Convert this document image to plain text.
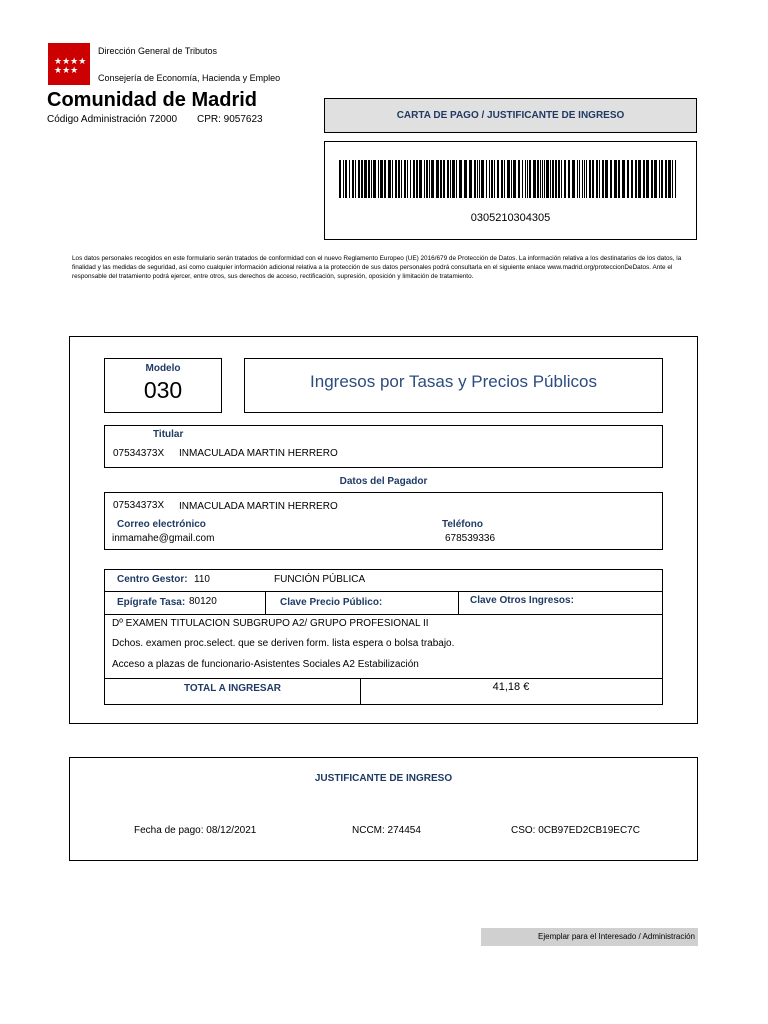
★★★★
★★★
Dirección General de Tributos
Consejería de Economía, Hacienda y Empleo
Comunidad de Madrid
Código Administración 72000 CPR: 9057623	CARTA DE PAGO / JUSTIFICANTE DE INGRESO
0305210304305
Los datos personales recogidos en este formulario serán tratados de conformidad con el nuevo Reglamento Europeo (UE) 2016/679 de Protección de Datos. La información relativa a los destinatarios de los datos, la finalidad y las medidas de seguridad, así como cualquier información adicional relativa a la protección de sus datos personales podrá consultarla en el siguiente enlace www.madrid.org/proteccionDeDatos. Ante el responsable del tratamiento podrá ejercer, entre otros, sus derechos de acceso, rectificación, supresión, oposición y limitación de tratamiento.
Modelo
030	Ingresos por Tasas y Precios Públicos
Titular
07534373X INMACULADA MARTIN HERRERO
Datos del Pagador
07534373X INMACULADA MARTIN HERRERO
Correo electrónico
inmamahe@gmail.com
Teléfono
678539336
Centro Gestor: 110	FUNCIÓN PÚBLICA
Epígrafe Tasa: 80120	Clave Precio Público:	Clave Otros Ingresos:
Dº EXAMEN TITULACION SUBGRUPO A2/ GRUPO PROFESIONAL II
Dchos. examen proc.select. que se deriven form. lista espera o bolsa trabajo.
Acceso a plazas de funcionario-Asistentes Sociales A2 Estabilización
TOTAL A INGRESAR	41,18 €
JUSTIFICANTE DE INGRESO
Fecha de pago: 08/12/2021	NCCM: 274454	CSO: 0CB97ED2CB19EC7C
Ejemplar para el Interesado / Administración
